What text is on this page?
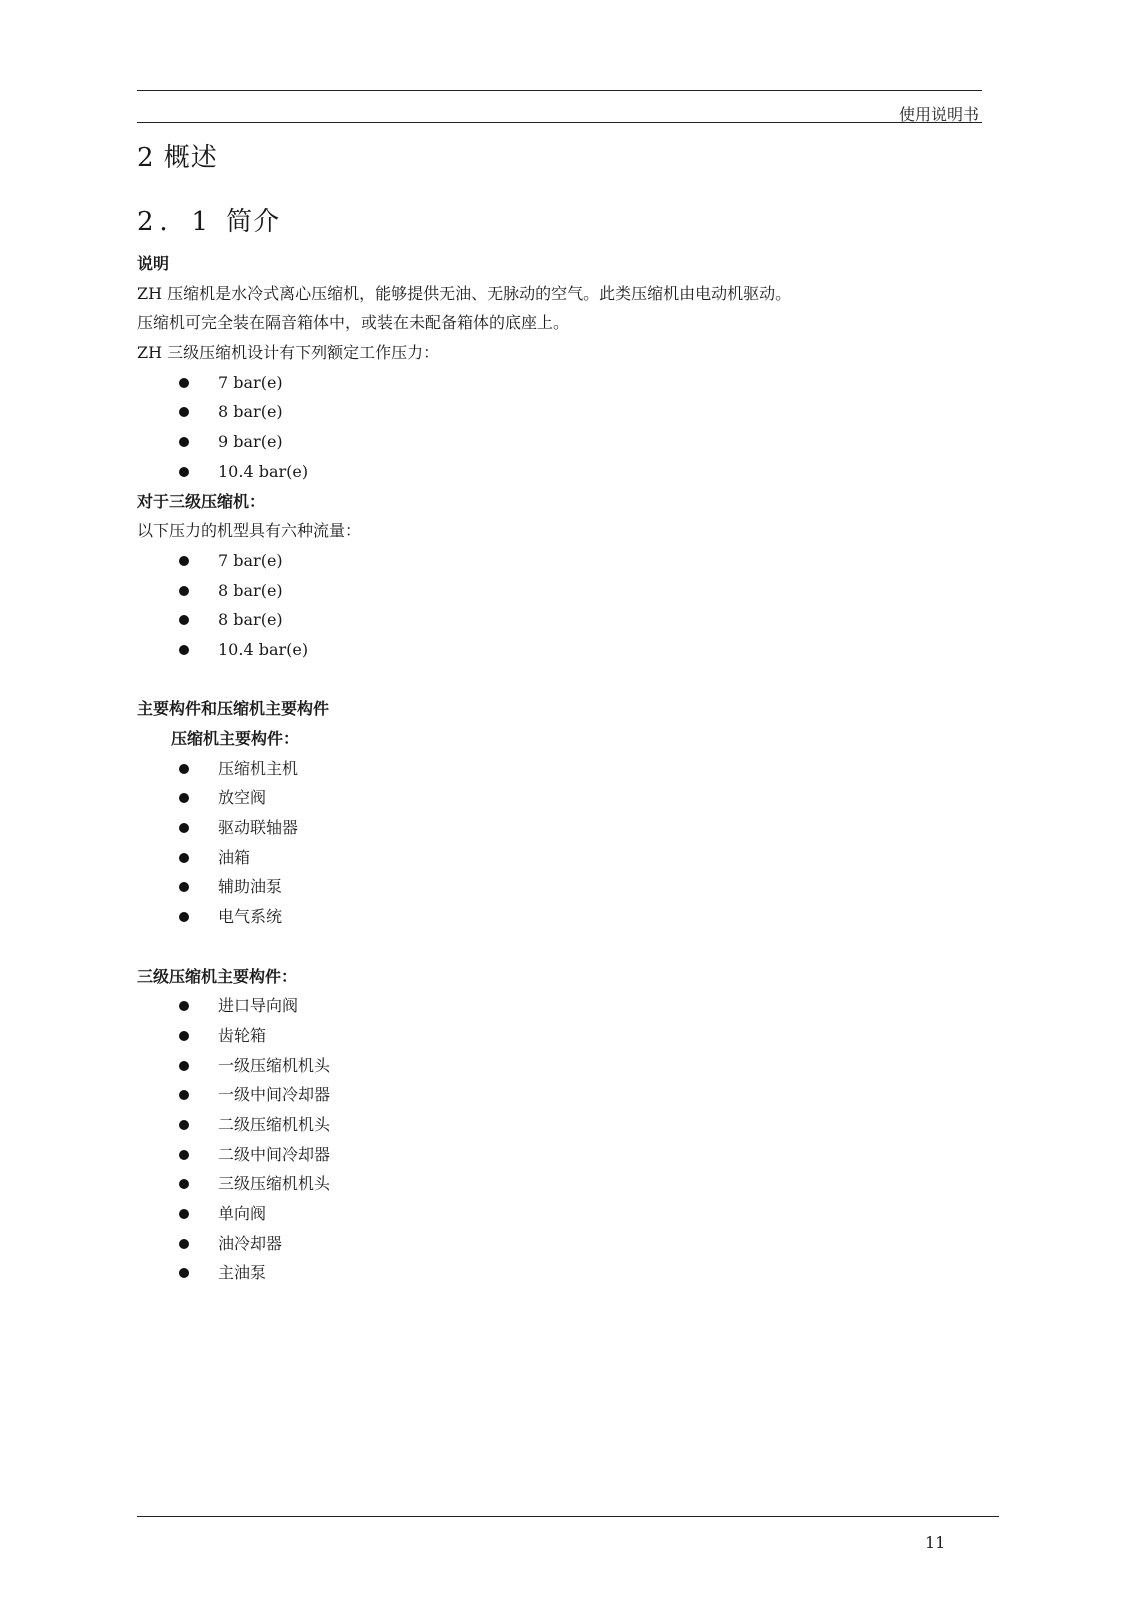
使用说明书
2 概述
2．1 简介
说明
ZH 压缩机是水冷式离心压缩机，能够提供无油、无脉动的空气。此类压缩机由电动机驱动。
压缩机可完全装在隔音箱体中，或装在未配备箱体的底座上。
ZH 三级压缩机设计有下列额定工作压力：
7 bar(e)
8 bar(e)
9 bar(e)
10.4 bar(e)
对于三级压缩机：
以下压力的机型具有六种流量：
7 bar(e)
8 bar(e)
8 bar(e)
10.4 bar(e)
主要构件和压缩机主要构件
压缩机主要构件：
压缩机主机
放空阀
驱动联轴器
油箱
辅助油泵
电气系统
三级压缩机主要构件：
进口导向阀
齿轮箱
一级压缩机机头
一级中间冷却器
二级压缩机机头
二级中间冷却器
三级压缩机机头
单向阀
油冷却器
主油泵
11
